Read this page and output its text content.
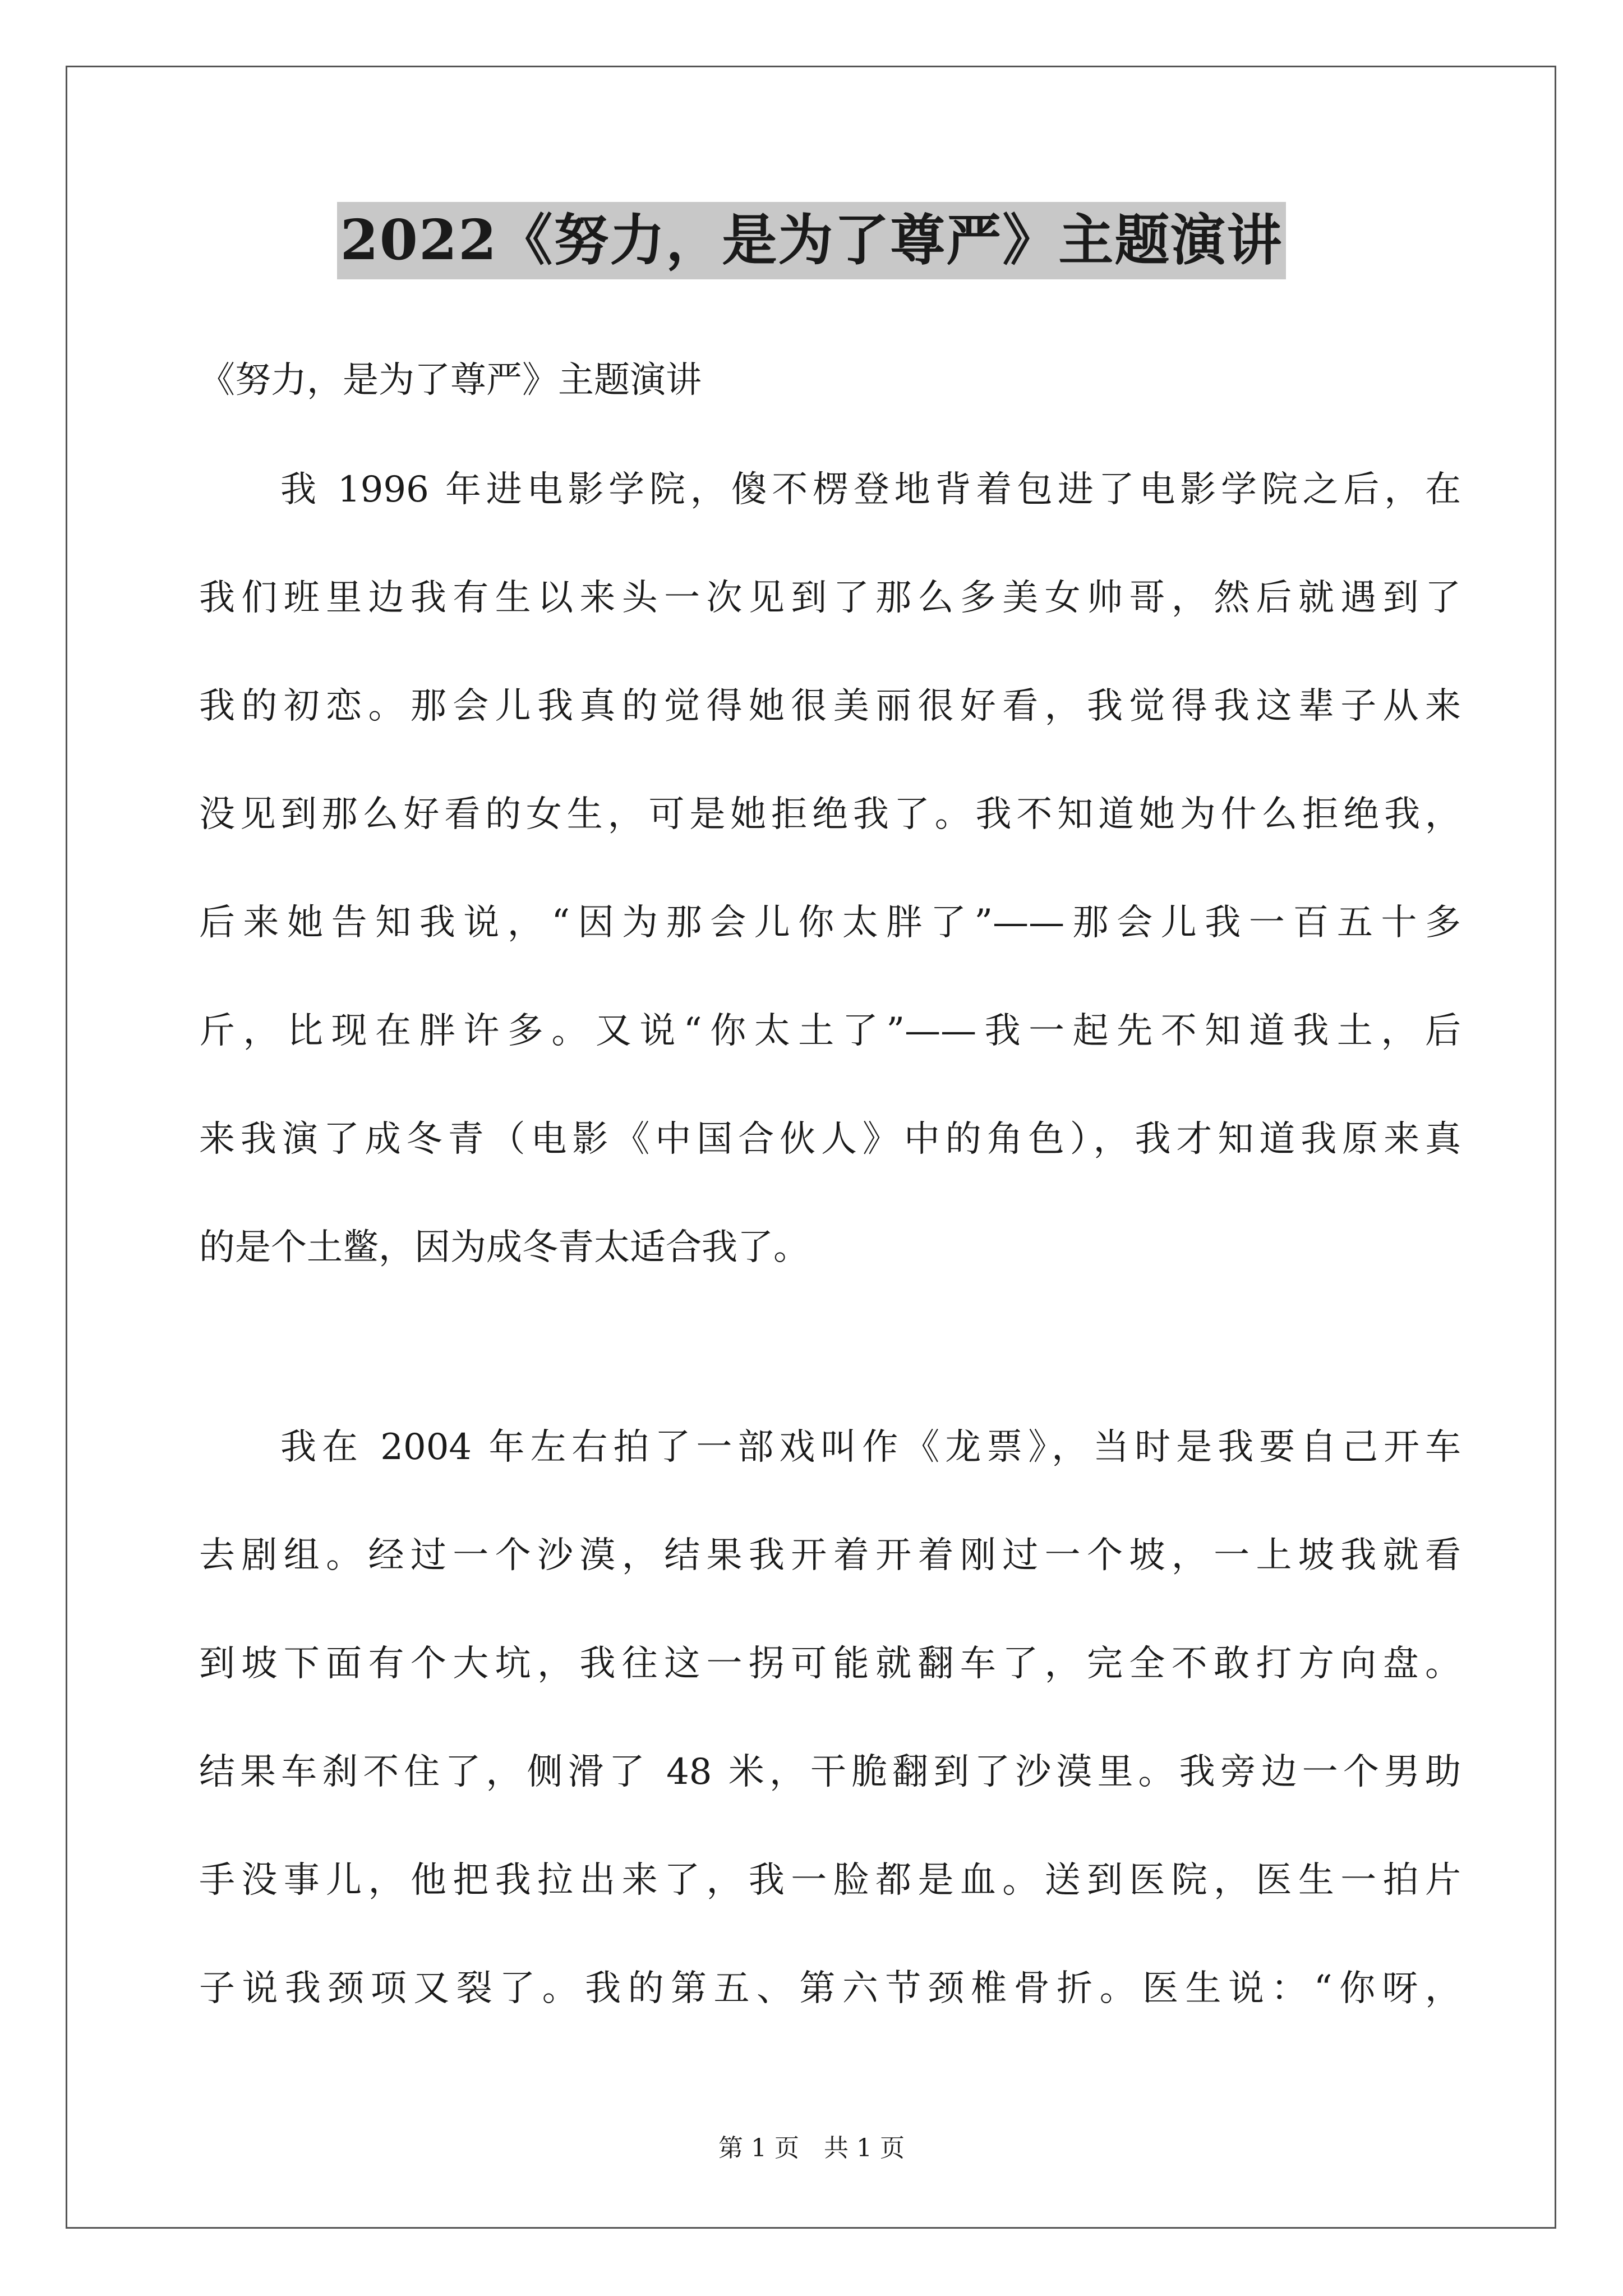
2022《努力，是为了尊严》主题演讲
《努力，是为了尊严》主题演讲
我 1996 年进电影学院，傻不楞登地背着包进了电影学院之后，在
我们班里边我有生以来头一次见到了那么多美女帅哥，然后就遇到了
我的初恋。那会儿我真的觉得她很美丽很好看，我觉得我这辈子从来
没见到那么好看的女生，可是她拒绝我了。我不知道她为什么拒绝我，
后来她告知我说，“因为那会儿你太胖了”——那会儿我一百五十多
斤，比现在胖许多。又说“你太土了”——我一起先不知道我土，后
来我演了成冬青（电影《中国合伙人》中的角色），我才知道我原来真
的是个土鳖，因为成冬青太适合我了。
我在 2004 年左右拍了一部戏叫作《龙票》，当时是我要自己开车
去剧组。经过一个沙漠，结果我开着开着刚过一个坡，一上坡我就看
到坡下面有个大坑，我往这一拐可能就翻车了，完全不敢打方向盘。
结果车刹不住了，侧滑了 48 米，干脆翻到了沙漠里。我旁边一个男助
手没事儿，他把我拉出来了，我一脸都是血。送到医院，医生一拍片
子说我颈项又裂了。我的第五、第六节颈椎骨折。医生说：“你呀，
第 1 页　共 1 页
